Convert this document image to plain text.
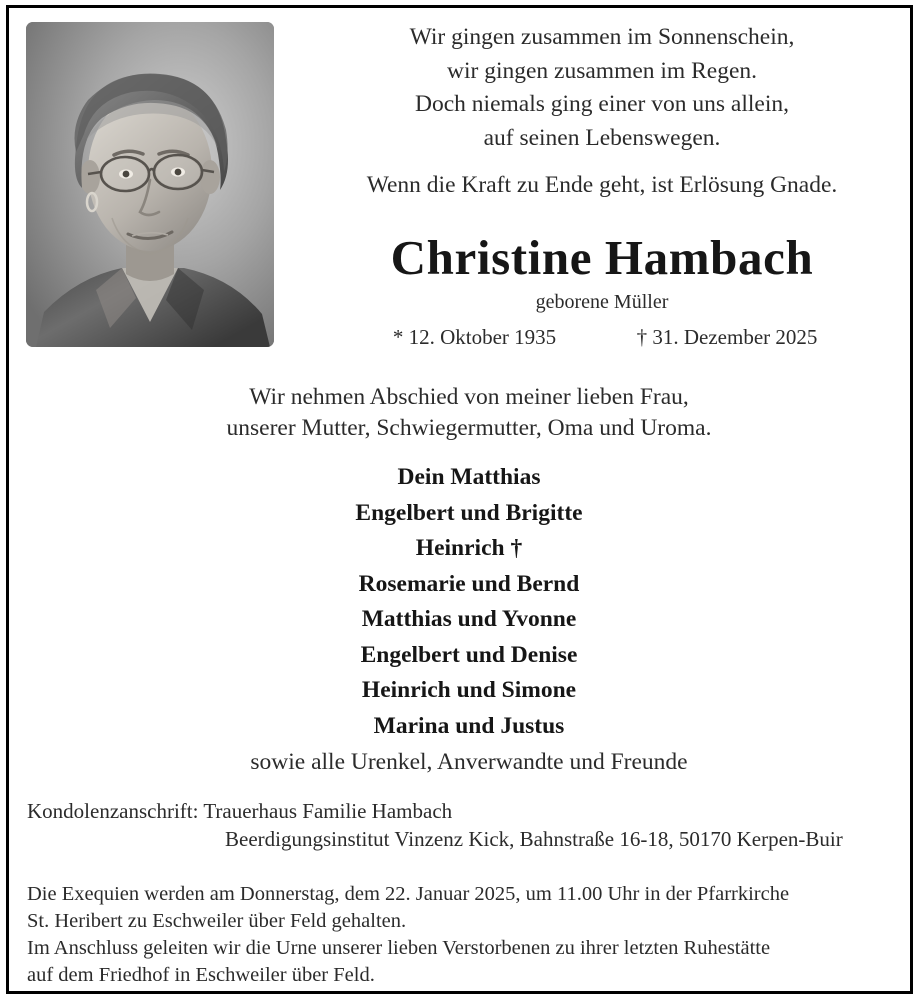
Wir gingen zusammen im Sonnenschein,
wir gingen zusammen im Regen.
Doch niemals ging einer von uns allein,
auf seinen Lebenswegen.
Wenn die Kraft zu Ende geht, ist Erlösung Gnade.
Christine Hambach
geborene Müller
* 12. Oktober 1935	† 31. Dezember 2025
Wir nehmen Abschied von meiner lieben Frau,
unserer Mutter, Schwiegermutter, Oma und Uroma.
Dein Matthias
Engelbert und Brigitte
Heinrich †
Rosemarie und Bernd
Matthias und Yvonne
Engelbert und Denise
Heinrich und Simone
Marina und Justus
sowie alle Urenkel, Anverwandte und Freunde
Kondolenzanschrift: Trauerhaus Familie Hambach
Beerdigungsinstitut Vinzenz Kick, Bahnstraße 16-18, 50170 Kerpen-Buir
Die Exequien werden am Donnerstag, dem 22. Januar 2025, um 11.00 Uhr in der Pfarrkirche
St. Heribert zu Eschweiler über Feld gehalten.
Im Anschluss geleiten wir die Urne unserer lieben Verstorbenen zu ihrer letzten Ruhestätte
auf dem Friedhof in Eschweiler über Feld.
